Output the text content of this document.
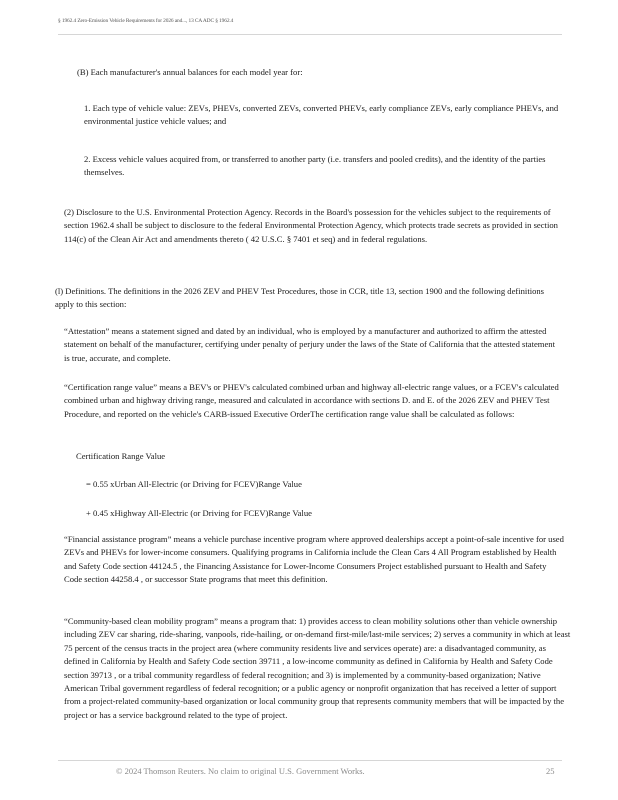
§ 1962.4 Zero-Emission Vehicle Requirements for 2026 and..., 13 CA ADC § 1962.4

(B) Each manufacturer's annual balances for each model year for:

1. Each type of vehicle value: ZEVs, PHEVs, converted ZEVs, converted PHEVs, early compliance ZEVs, early compliance PHEVs, and environmental justice vehicle values; and

2. Excess vehicle values acquired from, or transferred to another party (i.e. transfers and pooled credits), and the identity of the parties themselves.

(2) Disclosure to the U.S. Environmental Protection Agency. Records in the Board's possession for the vehicles subject to the requirements of section 1962.4 shall be subject to disclosure to the federal Environmental Protection Agency, which protects trade secrets as provided in section 114(c) of the Clean Air Act and amendments thereto ( 42 U.S.C. § 7401 et seq) and in federal regulations.

(l) Definitions. The definitions in the 2026 ZEV and PHEV Test Procedures, those in CCR, title 13, section 1900 and the following definitions apply to this section:

“Attestation” means a statement signed and dated by an individual, who is employed by a manufacturer and authorized to affirm the attested statement on behalf of the manufacturer, certifying under penalty of perjury under the laws of the State of California that the attested statement is true, accurate, and complete.

“Certification range value” means a BEV's or PHEV's calculated combined urban and highway all-electric range values, or a FCEV's calculated combined urban and highway driving range, measured and calculated in accordance with sections D. and E. of the 2026 ZEV and PHEV Test Procedure, and reported on the vehicle's CARB-issued Executive OrderThe certification range value shall be calculated as follows:

Certification Range Value

= 0.55 xUrban All-Electric (or Driving for FCEV)Range Value

+ 0.45 xHighway All-Electric (or Driving for FCEV)Range Value

“Financial assistance program” means a vehicle purchase incentive program where approved dealerships accept a point-of-sale incentive for used ZEVs and PHEVs for lower-income consumers. Qualifying programs in California include the Clean Cars 4 All Program established by Health and Safety Code section 44124.5 , the Financing Assistance for Lower-Income Consumers Project established pursuant to Health and Safety Code section 44258.4 , or successor State programs that meet this definition.

“Community-based clean mobility program” means a program that: 1) provides access to clean mobility solutions other than vehicle ownership including ZEV car sharing, ride-sharing, vanpools, ride-hailing, or on-demand first-mile/last-mile services; 2) serves a community in which at least 75 percent of the census tracts in the project area (where community residents live and services operate) are: a disadvantaged community, as defined in California by Health and Safety Code section 39711 , a low-income community as defined in California by Health and Safety Code section 39713 , or a tribal community regardless of federal recognition; and 3) is implemented by a community-based organization; Native American Tribal government regardless of federal recognition; or a public agency or nonprofit organization that has received a letter of support from a project-related community-based organization or local community group that represents community members that will be impacted by the project or has a service background related to the type of project.

© 2024 Thomson Reuters. No claim to original U.S. Government Works.	25
